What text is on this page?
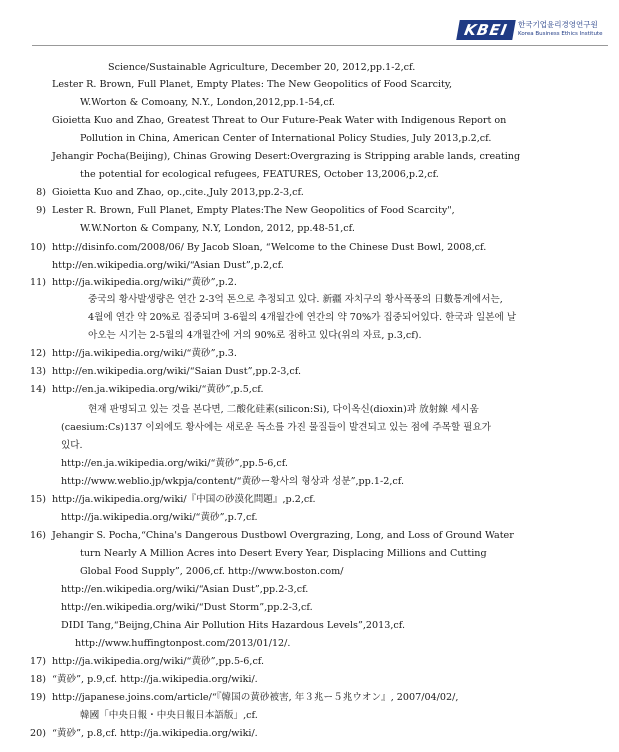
KBEI	한국기업윤리경영연구원
Korea Business Ethics Institute
Science/Sustainable Agriculture, December 20, 2012,pp.1-2,cf.
Lester R. Brown, Full Planet, Empty Plates: The New Geopolitics of Food Scarcity,
W.Worton & Comoany, N.Y., London,2012,pp.1-54,cf.
Gioietta Kuo and Zhao, Greatest Threat to Our Future-Peak Water with Indigenous Report on
Pollution in China, American Center of International Policy Studies, July 2013,p.2,cf.
Jehangir Pocha(Beijing), Chinas Growing Desert:Overgrazing is Stripping arable lands, creating
the potential for ecological refugees, FEATURES, October 13,2006,p.2,cf.
8) Gioietta Kuo and Zhao, op.,cite.,July 2013,pp.2-3,cf.
9) Lester R. Brown, Full Planet, Empty Plates:The New Geopolitics of Food Scarcity",
W.W.Norton & Company, N.Y, London, 2012, pp.48-51,cf.
10) http://disinfo.com/2008/06/ By Jacob Sloan, “Welcome to the Chinese Dust Bowl, 2008,cf.
http://en.wikipedia.org/wiki/“Asian Dust”,p.2,cf.
11) http://ja.wikipedia.org/wiki/“黄砂”,p.2.
중국의 황사발생량은 연간 2-3억 톤으로 추정되고 있다. 新疆 자치구의 황사폭풍의 日數통계에서는,
4월에 연간 약 20%로 집중되며 3-6월의 4개월간에 연간의 약 70%가 집중되어있다. 한국과 일본에 날
아오는 시기는 2-5월의 4개월간에 거의 90%로 점하고 있다(위의 자료, p.3,cf).
12) http://ja.wikipedia.org/wiki/“黄砂”,p.3.
13) http://en.wikipedia.org/wiki/“Saian Dust”,pp.2-3,cf.
14) http://en.ja.wikipedia.org/wiki/“黄砂”,p.5,cf.
현재 판명되고 있는 것을 본다면, 二酸化硅素(silicon:Si), 다이옥신(dioxin)과 放射線 세시움
(caesium:Cs)137 이외에도 황사에는 새로운 독소를 가진 물질들이 발견되고 있는 점에 주목할 필요가
있다.
http://en.ja.wikipedia.org/wiki/“黄砂”,pp.5-6,cf.
http://www.weblio.jp/wkpja/content/“黄砂ー황사의 형상과 성분”,pp.1-2,cf.
15) http://ja.wikipedia.org/wiki/『中国の砂漠化問題』,p.2,cf.
http://ja.wikipedia.org/wiki/“黄砂”,p.7,cf.
16) Jehangir S. Pocha,“China's Dangerous Dustbowl Overgrazing, Long, and Loss of Ground Water
turn Nearly A Million Acres into Desert Every Year, Displacing Millions and Cutting
Global Food Supply”, 2006,cf. http://www.boston.com/
http://en.wikipedia.org/wiki/“Asian Dust”,pp.2-3,cf.
http://en.wikipedia.org/wiki/“Dust Storm”,pp.2-3,cf.
DIDI Tang,“Beijng,China Air Pollution Hits Hazardous Levels”,2013,cf.
http://www.huffingtonpost.com/2013/01/12/.
17) http://ja.wikipedia.org/wiki/“黄砂”,pp.5-6,cf.
18) “黄砂”, p.9,cf. http://ja.wikipedia.org/wiki/.
19) http://japanese.joins.com/article/“『韓国の黄砂被害, 年３兆ー５兆ウオン』, 2007/04/02/,
韓國「中央日報・中央日報日本語版」,cf.
20) “黄砂”, p.8,cf. http://ja.wikipedia.org/wiki/.
